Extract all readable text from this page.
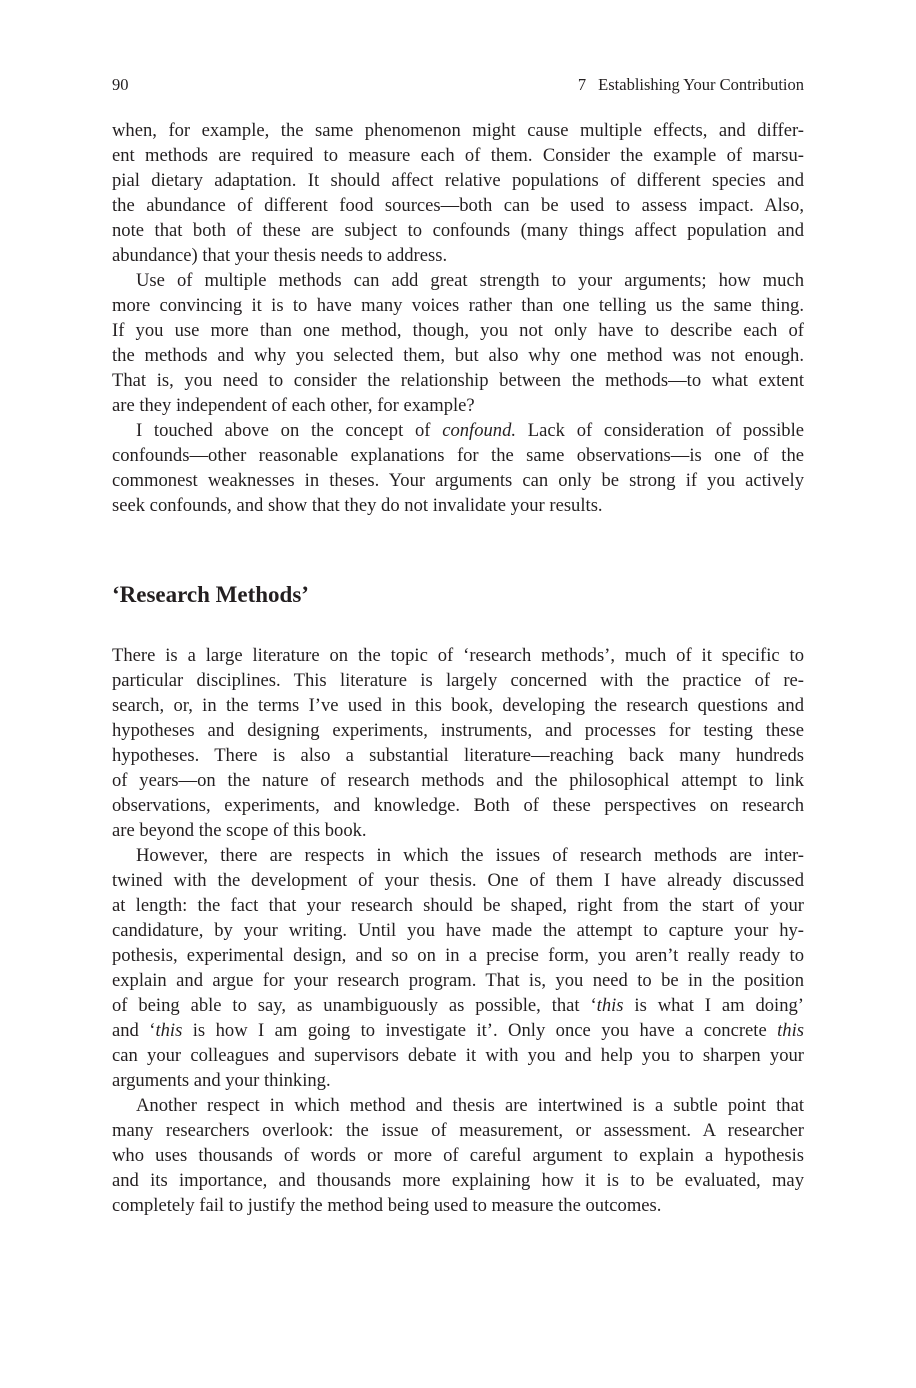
90	7 Establishing Your Contribution
when, for example, the same phenomenon might cause multiple effects, and differ-
ent methods are required to measure each of them. Consider the example of marsu-
pial dietary adaptation. It should affect relative populations of different species and
the abundance of different food sources—both can be used to assess impact. Also,
note that both of these are subject to confounds (many things affect population and
abundance) that your thesis needs to address.
Use of multiple methods can add great strength to your arguments; how much
more convincing it is to have many voices rather than one telling us the same thing.
If you use more than one method, though, you not only have to describe each of
the methods and why you selected them, but also why one method was not enough.
That is, you need to consider the relationship between the methods—to what extent
are they independent of each other, for example?
I touched above on the concept of confound. Lack of consideration of possible
confounds—other reasonable explanations for the same observations—is one of the
commonest weaknesses in theses. Your arguments can only be strong if you actively
seek confounds, and show that they do not invalidate your results.
‘Research Methods’
There is a large literature on the topic of ‘research methods’, much of it specific to
particular disciplines. This literature is largely concerned with the practice of re-
search, or, in the terms I’ve used in this book, developing the research questions and
hypotheses and designing experiments, instruments, and processes for testing these
hypotheses. There is also a substantial literature—reaching back many hundreds
of years—on the nature of research methods and the philosophical attempt to link
observations, experiments, and knowledge. Both of these perspectives on research
are beyond the scope of this book.
However, there are respects in which the issues of research methods are inter-
twined with the development of your thesis. One of them I have already discussed
at length: the fact that your research should be shaped, right from the start of your
candidature, by your writing. Until you have made the attempt to capture your hy-
pothesis, experimental design, and so on in a precise form, you aren’t really ready to
explain and argue for your research program. That is, you need to be in the position
of being able to say, as unambiguously as possible, that ‘this is what I am doing’
and ‘this is how I am going to investigate it’. Only once you have a concrete this
can your colleagues and supervisors debate it with you and help you to sharpen your
arguments and your thinking.
Another respect in which method and thesis are intertwined is a subtle point that
many researchers overlook: the issue of measurement, or assessment. A researcher
who uses thousands of words or more of careful argument to explain a hypothesis
and its importance, and thousands more explaining how it is to be evaluated, may
completely fail to justify the method being used to measure the outcomes.
